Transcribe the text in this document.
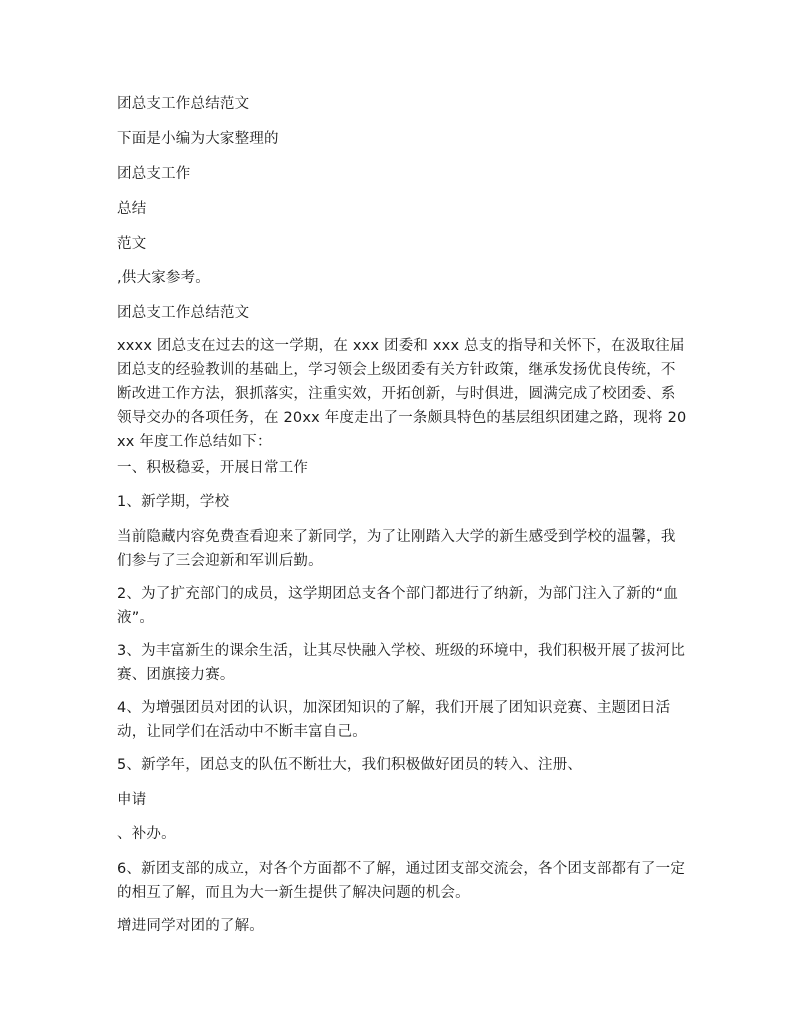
团总支工作总结范文

下面是小编为大家整理的

团总支工作

总结

范文

,供大家参考。

团总支工作总结范文

xxxx 团总支在过去的这一学期，在 xxx 团委和 xxx 总支的指导和关怀下，在汲取往届团总支的经验教训的基础上，学习领会上级团委有关方针政策，继承发扬优良传统，不断改进工作方法，狠抓落实，注重实效，开拓创新，与时俱进，圆满完成了校团委、系领导交办的各项任务，在 20xx 年度走出了一条颇具特色的基层组织团建之路，现将 20xx 年度工作总结如下：

一、积极稳妥，开展日常工作

1、新学期，学校

当前隐藏内容免费查看迎来了新同学，为了让刚踏入大学的新生感受到学校的温馨，我们参与了三会迎新和军训后勤。

2、为了扩充部门的成员，这学期团总支各个部门都进行了纳新，为部门注入了新的“血液”。

3、为丰富新生的课余生活，让其尽快融入学校、班级的环境中，我们积极开展了拔河比赛、团旗接力赛。

4、为增强团员对团的认识，加深团知识的了解，我们开展了团知识竞赛、主题团日活动，让同学们在活动中不断丰富自己。

5、新学年，团总支的队伍不断壮大，我们积极做好团员的转入、注册、

申请

、补办。

6、新团支部的成立，对各个方面都不了解，通过团支部交流会，各个团支部都有了一定的相互了解，而且为大一新生提供了解决问题的机会。

增进同学对团的了解。
